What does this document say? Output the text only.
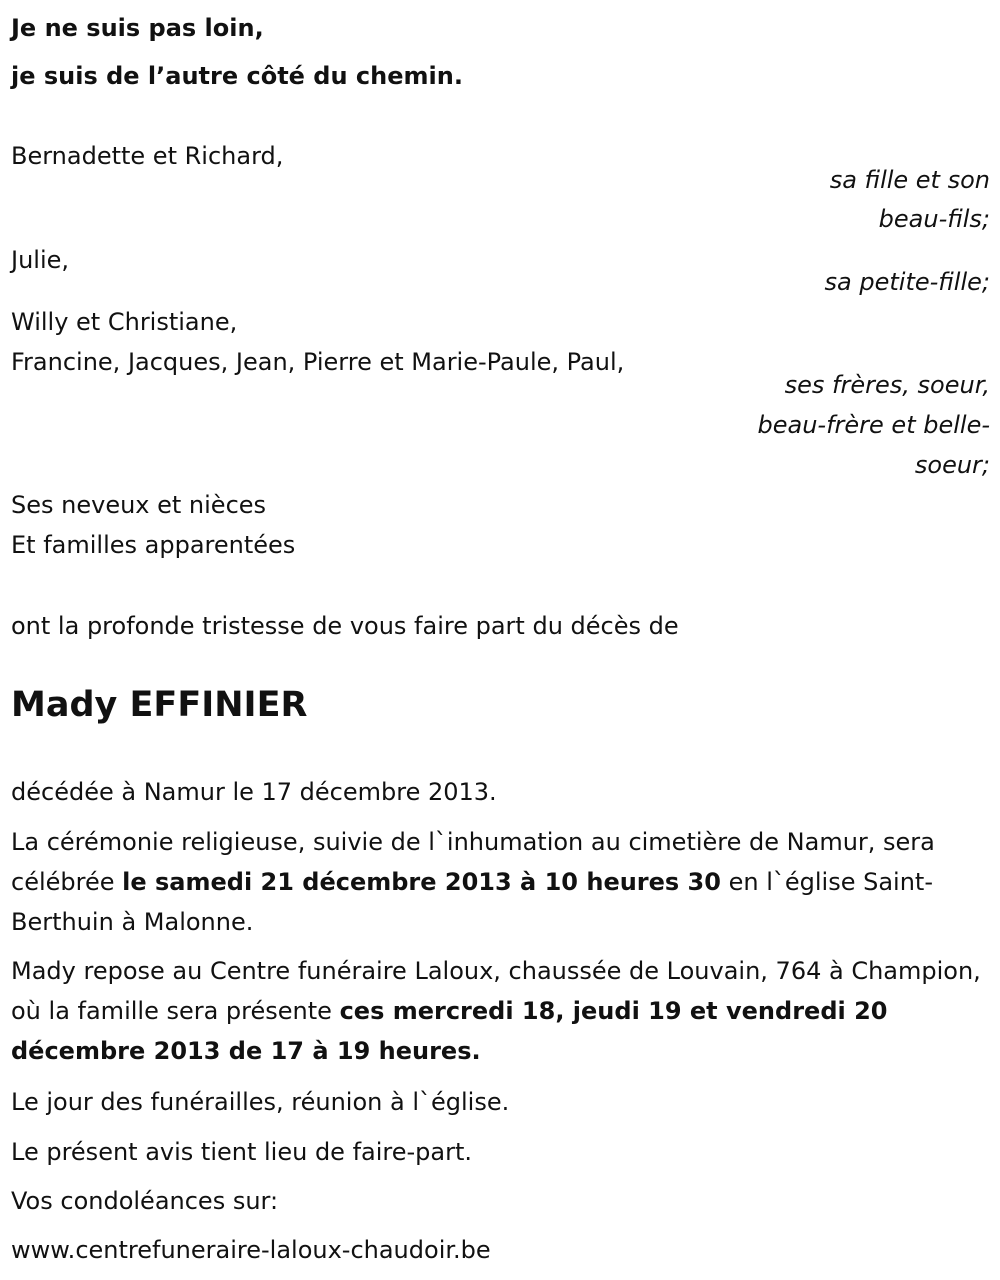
Je ne suis pas loin,
je suis de l’autre côté du chemin.
Bernadette et Richard,
sa fille et son
beau-fils;
Julie,
sa petite-fille;
Willy et Christiane,
Francine, Jacques, Jean, Pierre et Marie-Paule, Paul,
ses frères, soeur,
beau-frère et belle-
soeur;
Ses neveux et nièces
Et familles apparentées
ont la profonde tristesse de vous faire part du décès de
Mady EFFINIER
décédée à Namur le 17 décembre 2013.
La cérémonie religieuse, suivie de l`inhumation au cimetière de Namur, sera célébrée le samedi 21 décembre 2013 à 10 heures 30 en l`église Saint-Berthuin à Malonne.
Mady repose au Centre funéraire Laloux, chaussée de Louvain, 764 à Champion, où la famille sera présente ces mercredi 18, jeudi 19 et vendredi 20 décembre 2013 de 17 à 19 heures.
Le jour des funérailles, réunion à l`église.
Le présent avis tient lieu de faire-part.
Vos condoléances sur:
www.centrefuneraire-laloux-chaudoir.be
